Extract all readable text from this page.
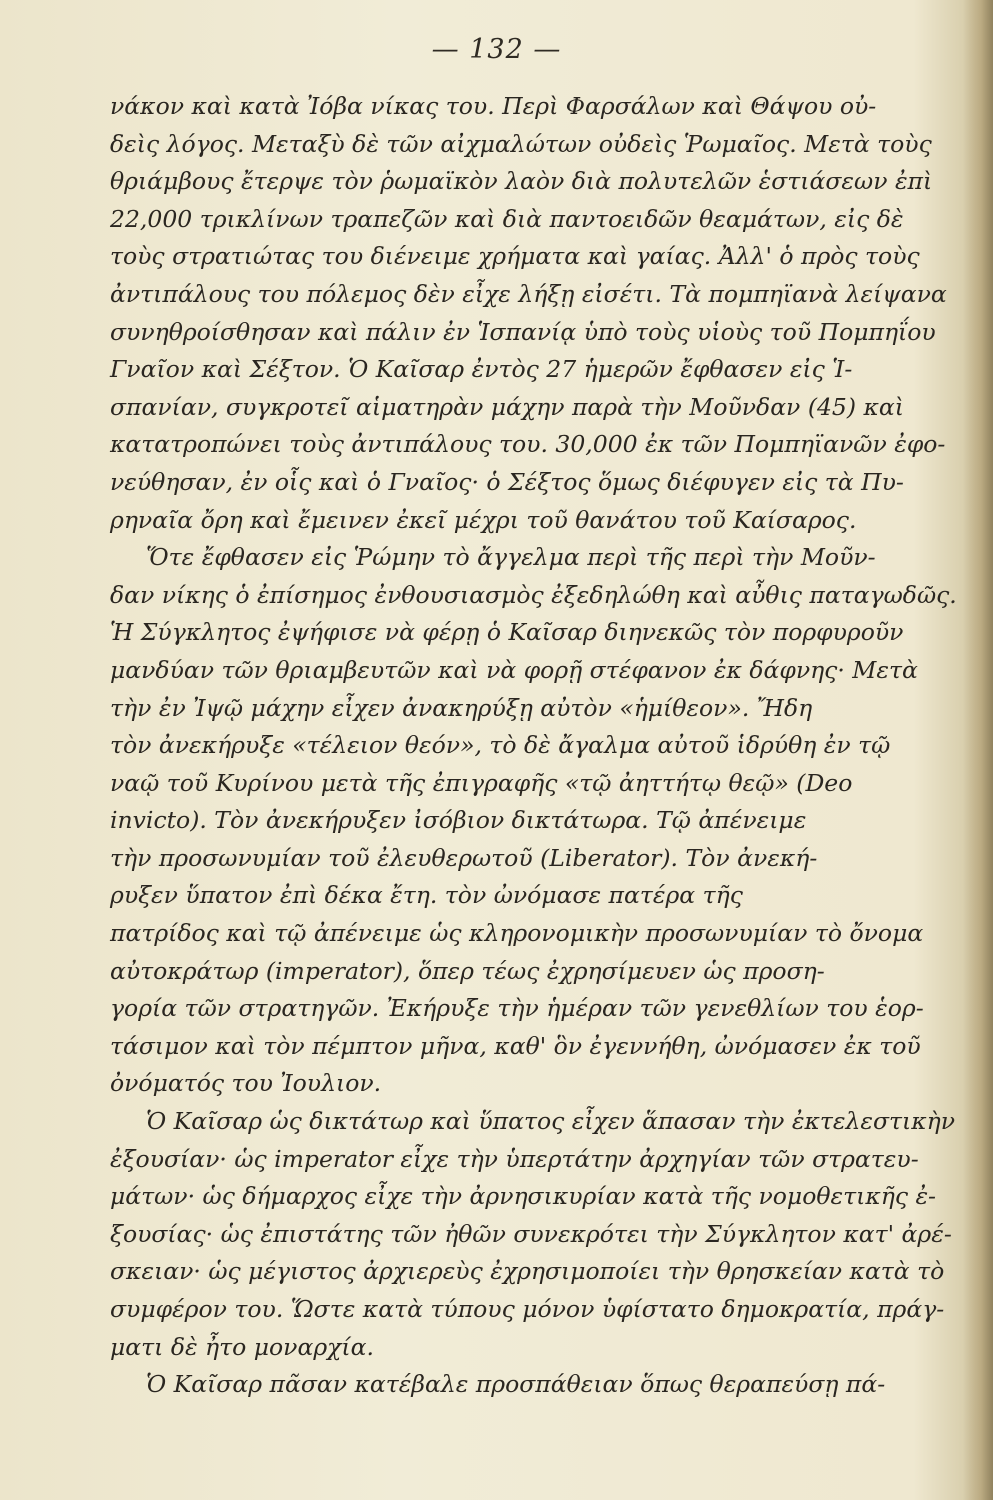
— 132 —
νάκον καὶ κατὰ Ἰόβα νίκας του. Περὶ Φαρσάλων καὶ Θάψου οὐ-
δεὶς λόγος. Μεταξὺ δὲ τῶν αἰχμαλώτων οὐδεὶς Ῥωμαῖος. Μετὰ τοὺς
θριάμβους ἔτερψε τὸν ῥωμαϊκὸν λαὸν διὰ πολυτελῶν ἑστιάσεων ἐπὶ
22,000 τρικλίνων τραπεζῶν καὶ διὰ παντοειδῶν θεαμάτων, εἰς δὲ
τοὺς στρατιώτας του διένειμε χρήματα καὶ γαίας. Ἀλλ' ὁ πρὸς τοὺς
ἀντιπάλους του πόλεμος δὲν εἶχε λήξῃ εἰσέτι. Τὰ πομπηϊανὰ λείψανα
συνηθροίσθησαν καὶ πάλιν ἐν Ἱσπανίᾳ ὑπὸ τοὺς υἱοὺς τοῦ Πομπηΐου
Γναῖον καὶ Σέξτον. Ὁ Καῖσαρ ἐντὸς 27 ἡμερῶν ἔφθασεν εἰς Ἱ-
σπανίαν, συγκροτεῖ αἱματηρὰν μάχην παρὰ τὴν Μοῦνδαν (45) καὶ
κατατροπώνει τοὺς ἀντιπάλους του. 30,000 ἐκ τῶν Πομπηϊανῶν ἐφο-
νεύθησαν, ἐν οἷς καὶ ὁ Γναῖος· ὁ Σέξτος ὅμως διέφυγεν εἰς τὰ Πυ-
ρηναῖα ὄρη καὶ ἔμεινεν ἐκεῖ μέχρι τοῦ θανάτου τοῦ Καίσαρος.
Ὅτε ἔφθασεν εἰς Ῥώμην τὸ ἄγγελμα περὶ τῆς περὶ τὴν Μοῦν-
δαν νίκης ὁ ἐπίσημος ἐνθουσιασμὸς ἐξεδηλώθη καὶ αὖθις παταγωδῶς.
Ἡ Σύγκλητος ἐψήφισε νὰ φέρῃ ὁ Καῖσαρ διηνεκῶς τὸν πορφυροῦν
μανδύαν τῶν θριαμβευτῶν καὶ νὰ φορῇ στέφανον ἐκ δάφνης· Μετὰ
τὴν ἐν Ἰψῷ μάχην εἶχεν ἀνακηρύξῃ αὐτὸν «ἡμίθεον». Ἤδη
τὸν ἀνεκήρυξε «τέλειον θεόν», τὸ δὲ ἄγαλμα αὐτοῦ ἱδρύθη ἐν τῷ
ναῷ τοῦ Κυρίνου μετὰ τῆς ἐπιγραφῆς «τῷ ἀηττήτῳ θεῷ» (Deo
invicto). Τὸν ἀνεκήρυξεν ἰσόβιον δικτάτωρα. Τῷ ἀπένειμε
τὴν προσωνυμίαν τοῦ ἐλευθερωτοῦ (Liberator). Τὸν ἀνεκή-
ρυξεν ὕπατον ἐπὶ δέκα ἔτη. τὸν ὠνόμασε πατέρα τῆς
πατρίδος καὶ τῷ ἀπένειμε ὡς κληρονομικὴν προσωνυμίαν τὸ ὄνομα
αὐτοκράτωρ (imperator), ὅπερ τέως ἐχρησίμευεν ὡς προση-
γορία τῶν στρατηγῶν. Ἐκήρυξε τὴν ἡμέραν τῶν γενεθλίων του ἑορ-
τάσιμον καὶ τὸν πέμπτον μῆνα, καθ' ὃν ἐγεννήθη, ὠνόμασεν ἐκ τοῦ
ὀνόματός του Ἰουλιον.
Ὁ Καῖσαρ ὡς δικτάτωρ καὶ ὕπατος εἶχεν ἅπασαν τὴν ἐκτελεστικὴν
ἐξουσίαν· ὡς imperator εἶχε τὴν ὑπερτάτην ἀρχηγίαν τῶν στρατευ-
μάτων· ὡς δήμαρχος εἶχε τὴν ἀρνησικυρίαν κατὰ τῆς νομοθετικῆς ἐ-
ξουσίας· ὡς ἐπιστάτης τῶν ἠθῶν συνεκρότει τὴν Σύγκλητον κατ' ἀρέ-
σκειαν· ὡς μέγιστος ἀρχιερεὺς ἐχρησιμοποίει τὴν θρησκείαν κατὰ τὸ
συμφέρον του. Ὥστε κατὰ τύπους μόνον ὑφίστατο δημοκρατία, πράγ-
ματι δὲ ἦτο μοναρχία.
Ὁ Καῖσαρ πᾶσαν κατέβαλε προσπάθειαν ὅπως θεραπεύσῃ πά-
